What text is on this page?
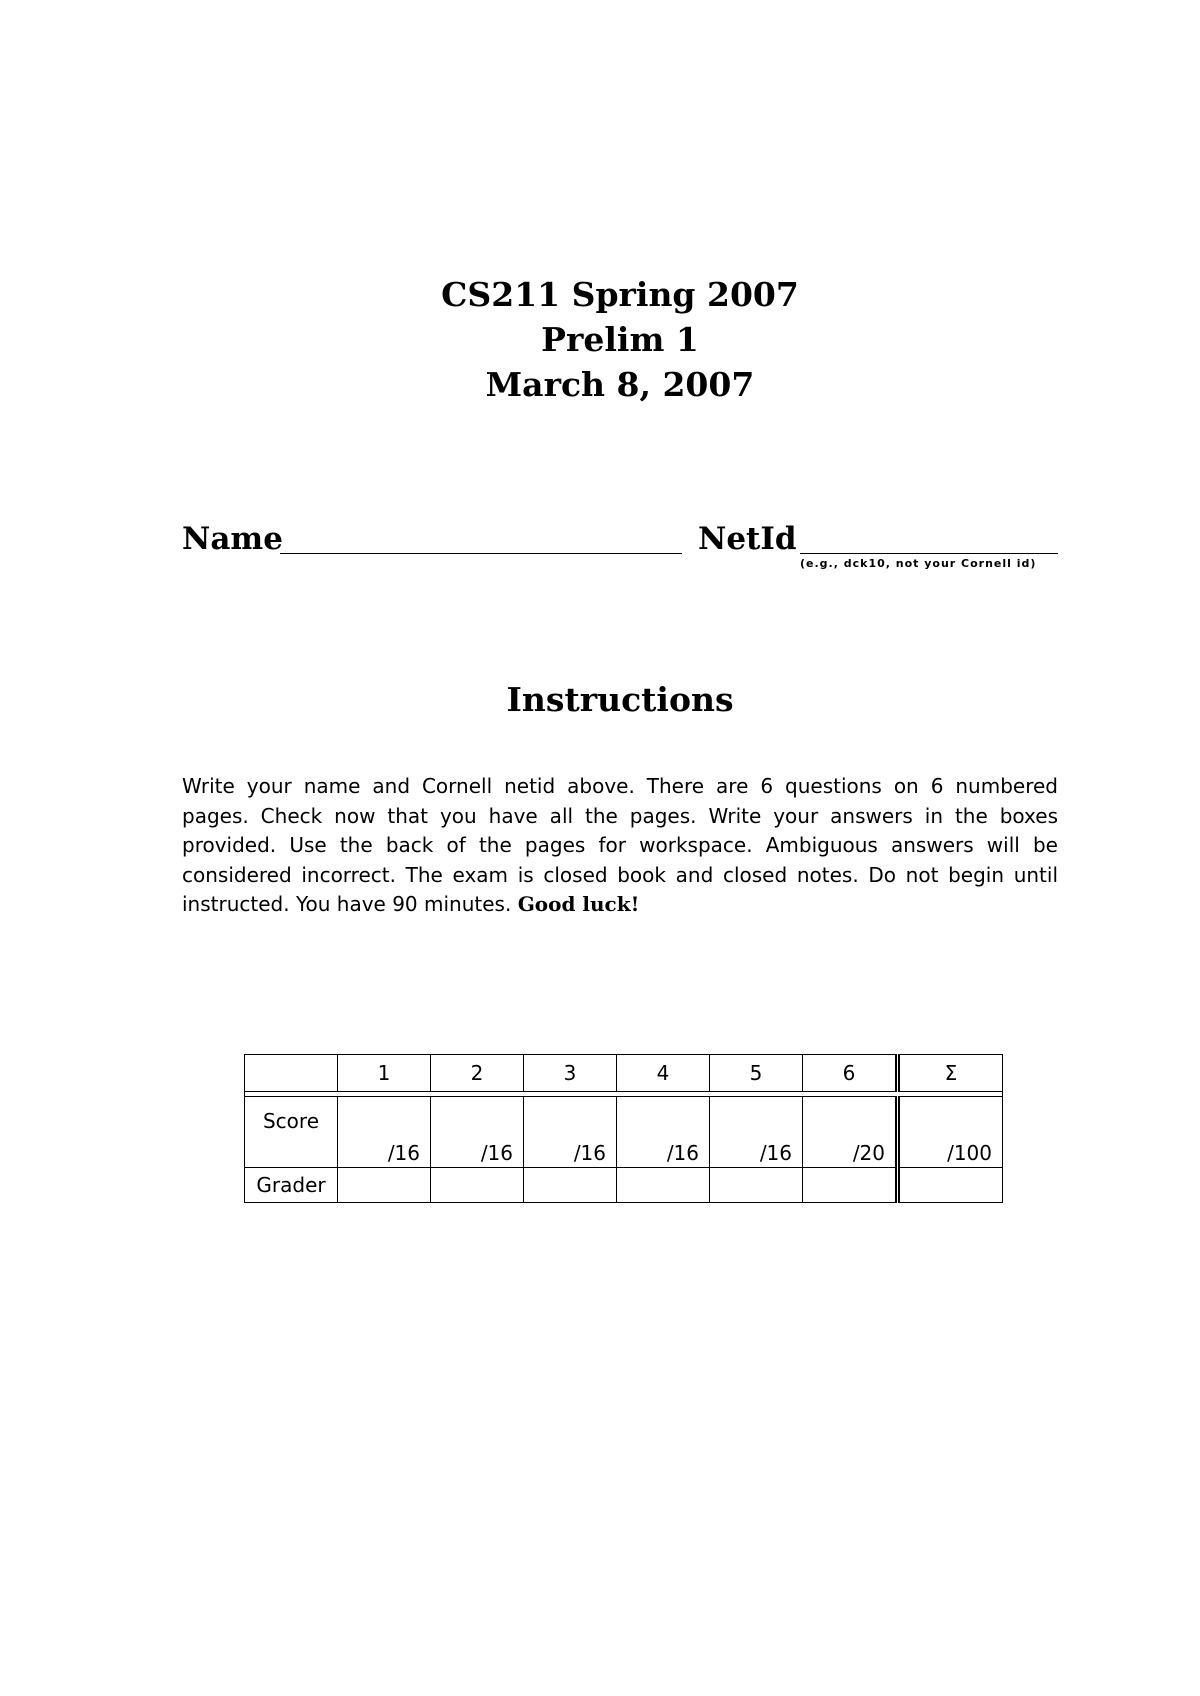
CS211 Spring 2007
Prelim 1
March 8, 2007
Name	NetId
(e.g., dck10, not your Cornell id)
Instructions
Write your name and Cornell netid above. There are 6 questions on 6 numbered pages. Check now that you have all the pages. Write your answers in the boxes provided. Use the back of the pages for workspace. Ambiguous answers will be considered incorrect. The exam is closed book and closed notes. Do not begin until instructed. You have 90 minutes. Good luck!
	1	2	3	4	5	6	Σ

Score	/16	/16	/16	/16	/16	/20	/100
Grader							
